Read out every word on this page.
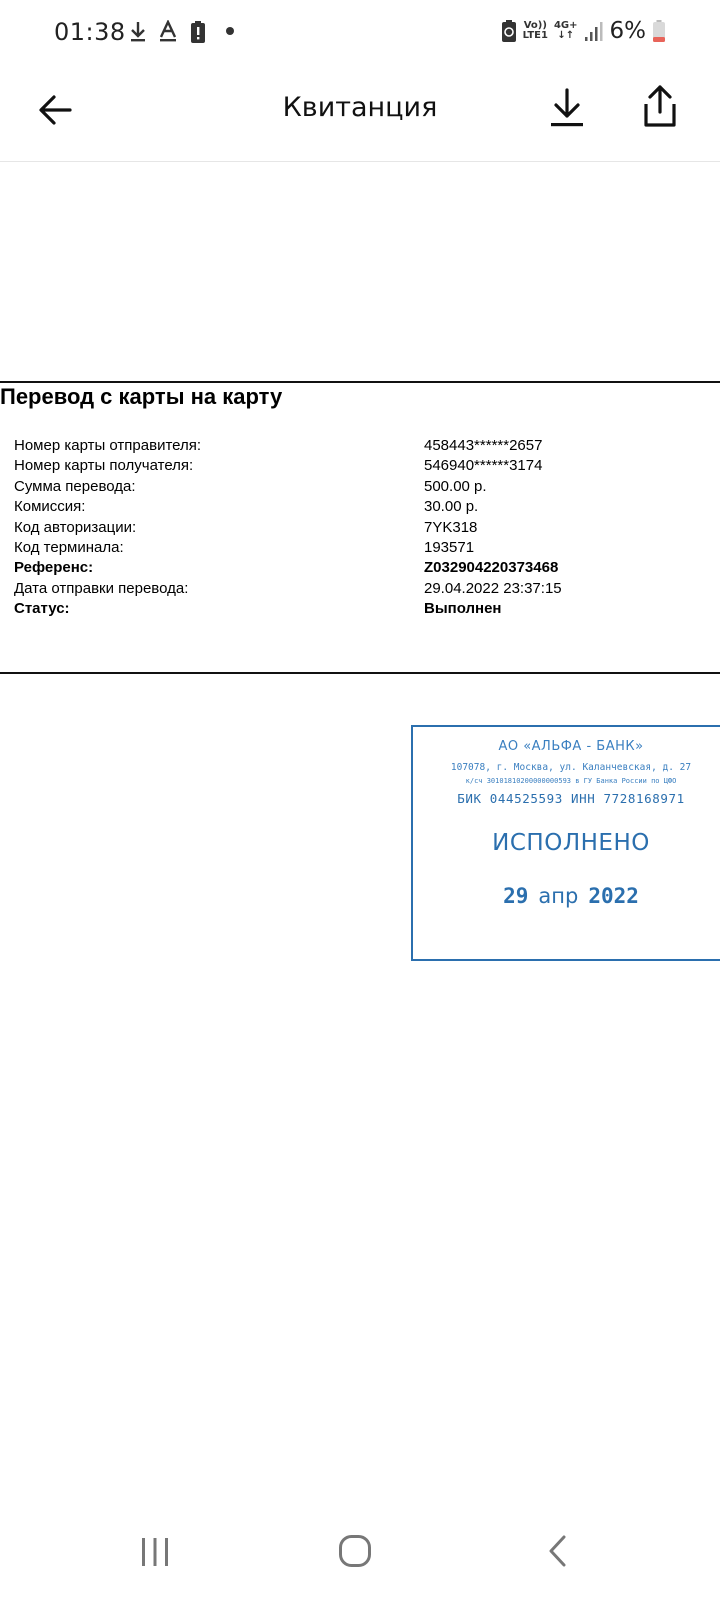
01:38	Vo))
LTE1
4G+
↓↑ 6%
Квитанция
Перевод с карты на карту
Номер карты отправителя:	458443******2657
Номер карты получателя:	546940******3174
Сумма перевода:	500.00 р.
Комиссия:	30.00 р.
Код авторизации:	7YK318
Код терминала:	193571
Референс:	Z032904220373468
Дата отправки перевода:	29.04.2022 23:37:15
Статус:	Выполнен
АО «АЛЬФА - БАНК»
107078, г. Москва, ул. Каланчевская, д. 27
к/сч 30101810200000000593 в ГУ Банка России по ЦФО
БИК 044525593 ИНН 7728168971
ИСПОЛНЕНО
29 апр 2022
